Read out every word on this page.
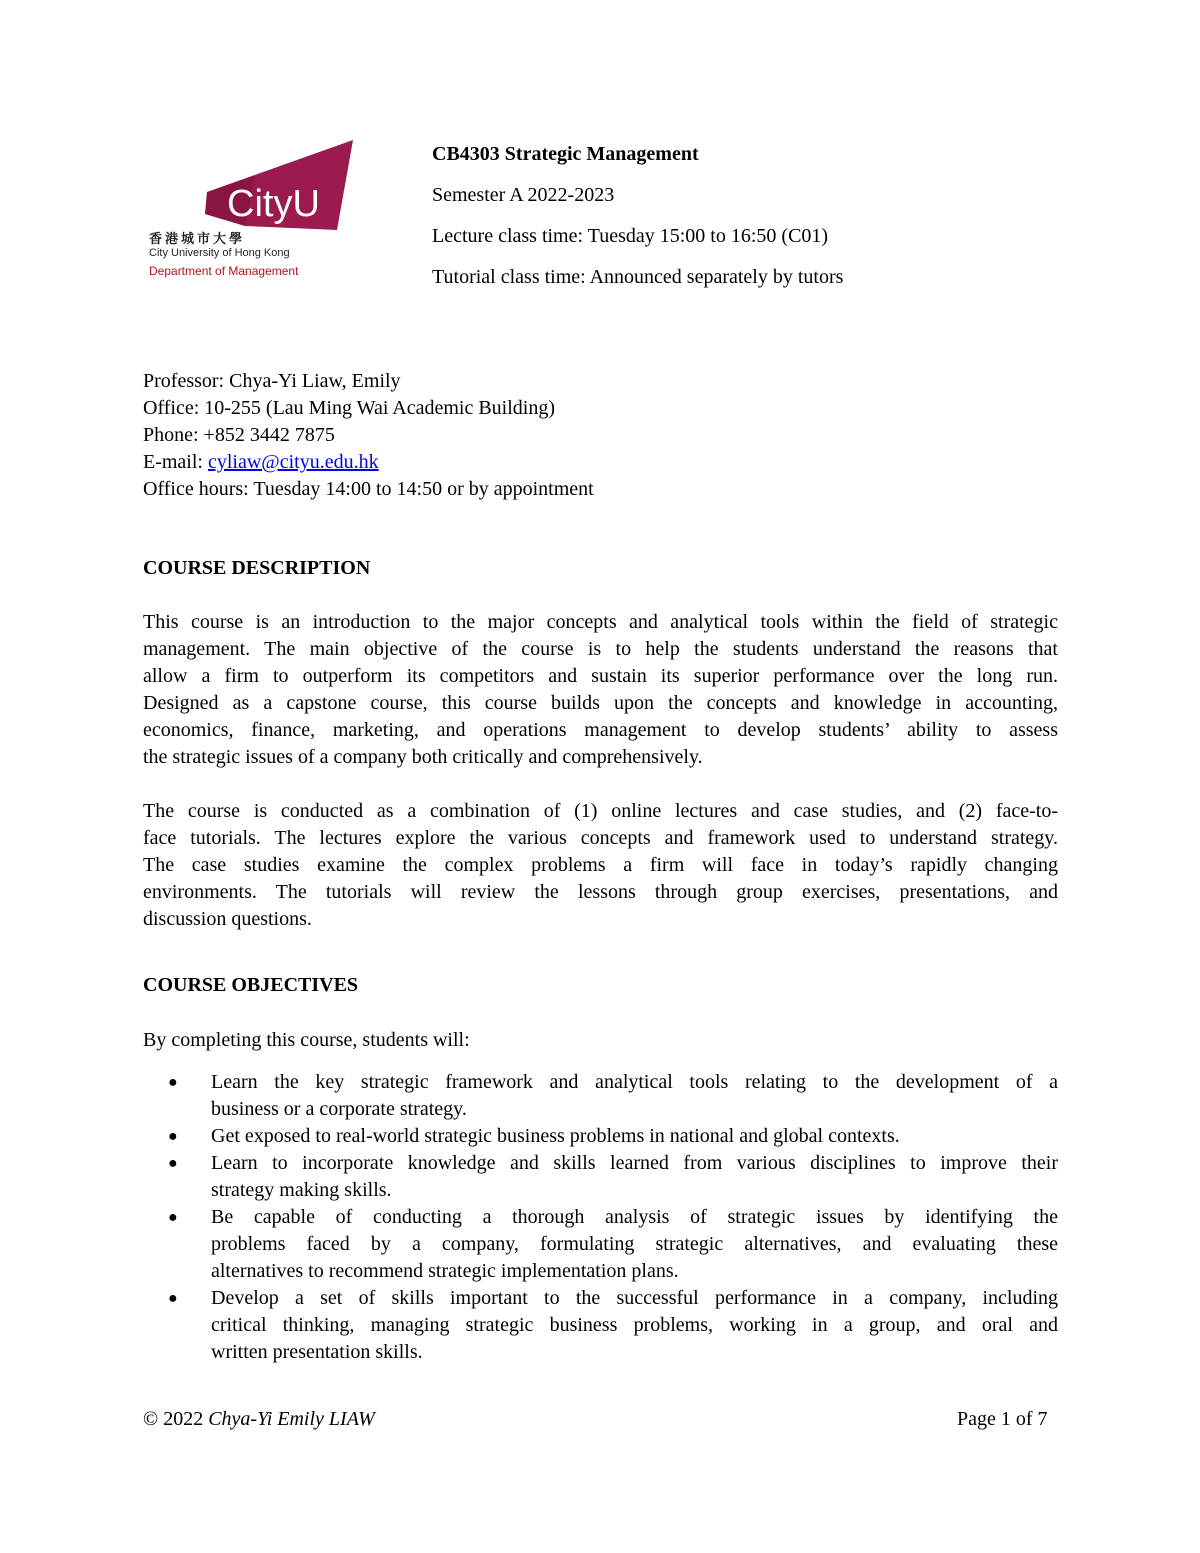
CityU
香港城市大學
City University of Hong Kong
Department of Management
CB4303 Strategic Management
Semester A 2022-2023
Lecture class time: Tuesday 15:00 to 16:50 (C01)
Tutorial class time: Announced separately by tutors
Professor: Chya-Yi Liaw, Emily
Office: 10-255 (Lau Ming Wai Academic Building)
Phone: +852 3442 7875
E-mail: cyliaw@cityu.edu.hk
Office hours: Tuesday 14:00 to 14:50 or by appointment
COURSE DESCRIPTION
This course is an introduction to the major concepts and analytical tools within the field of strategic
management. The main objective of the course is to help the students understand the reasons that
allow a firm to outperform its competitors and sustain its superior performance over the long run.
Designed as a capstone course, this course builds upon the concepts and knowledge in accounting,
economics, finance, marketing, and operations management to develop students’ ability to assess
the strategic issues of a company both critically and comprehensively.
The course is conducted as a combination of (1) online lectures and case studies, and (2) face-to-
face tutorials. The lectures explore the various concepts and framework used to understand strategy.
The case studies examine the complex problems a firm will face in today’s rapidly changing
environments. The tutorials will review the lessons through group exercises, presentations, and
discussion questions.
COURSE OBJECTIVES
By completing this course, students will:
● Learn the key strategic framework and analytical tools relating to the development of a
business or a corporate strategy.
● Get exposed to real-world strategic business problems in national and global contexts.
● Learn to incorporate knowledge and skills learned from various disciplines to improve their
strategy making skills.
● Be capable of conducting a thorough analysis of strategic issues by identifying the
problems faced by a company, formulating strategic alternatives, and evaluating these
alternatives to recommend strategic implementation plans.
● Develop a set of skills important to the successful performance in a company, including
critical thinking, managing strategic business problems, working in a group, and oral and
written presentation skills.
© 2022 Chya-Yi Emily LIAW	Page 1 of 7
